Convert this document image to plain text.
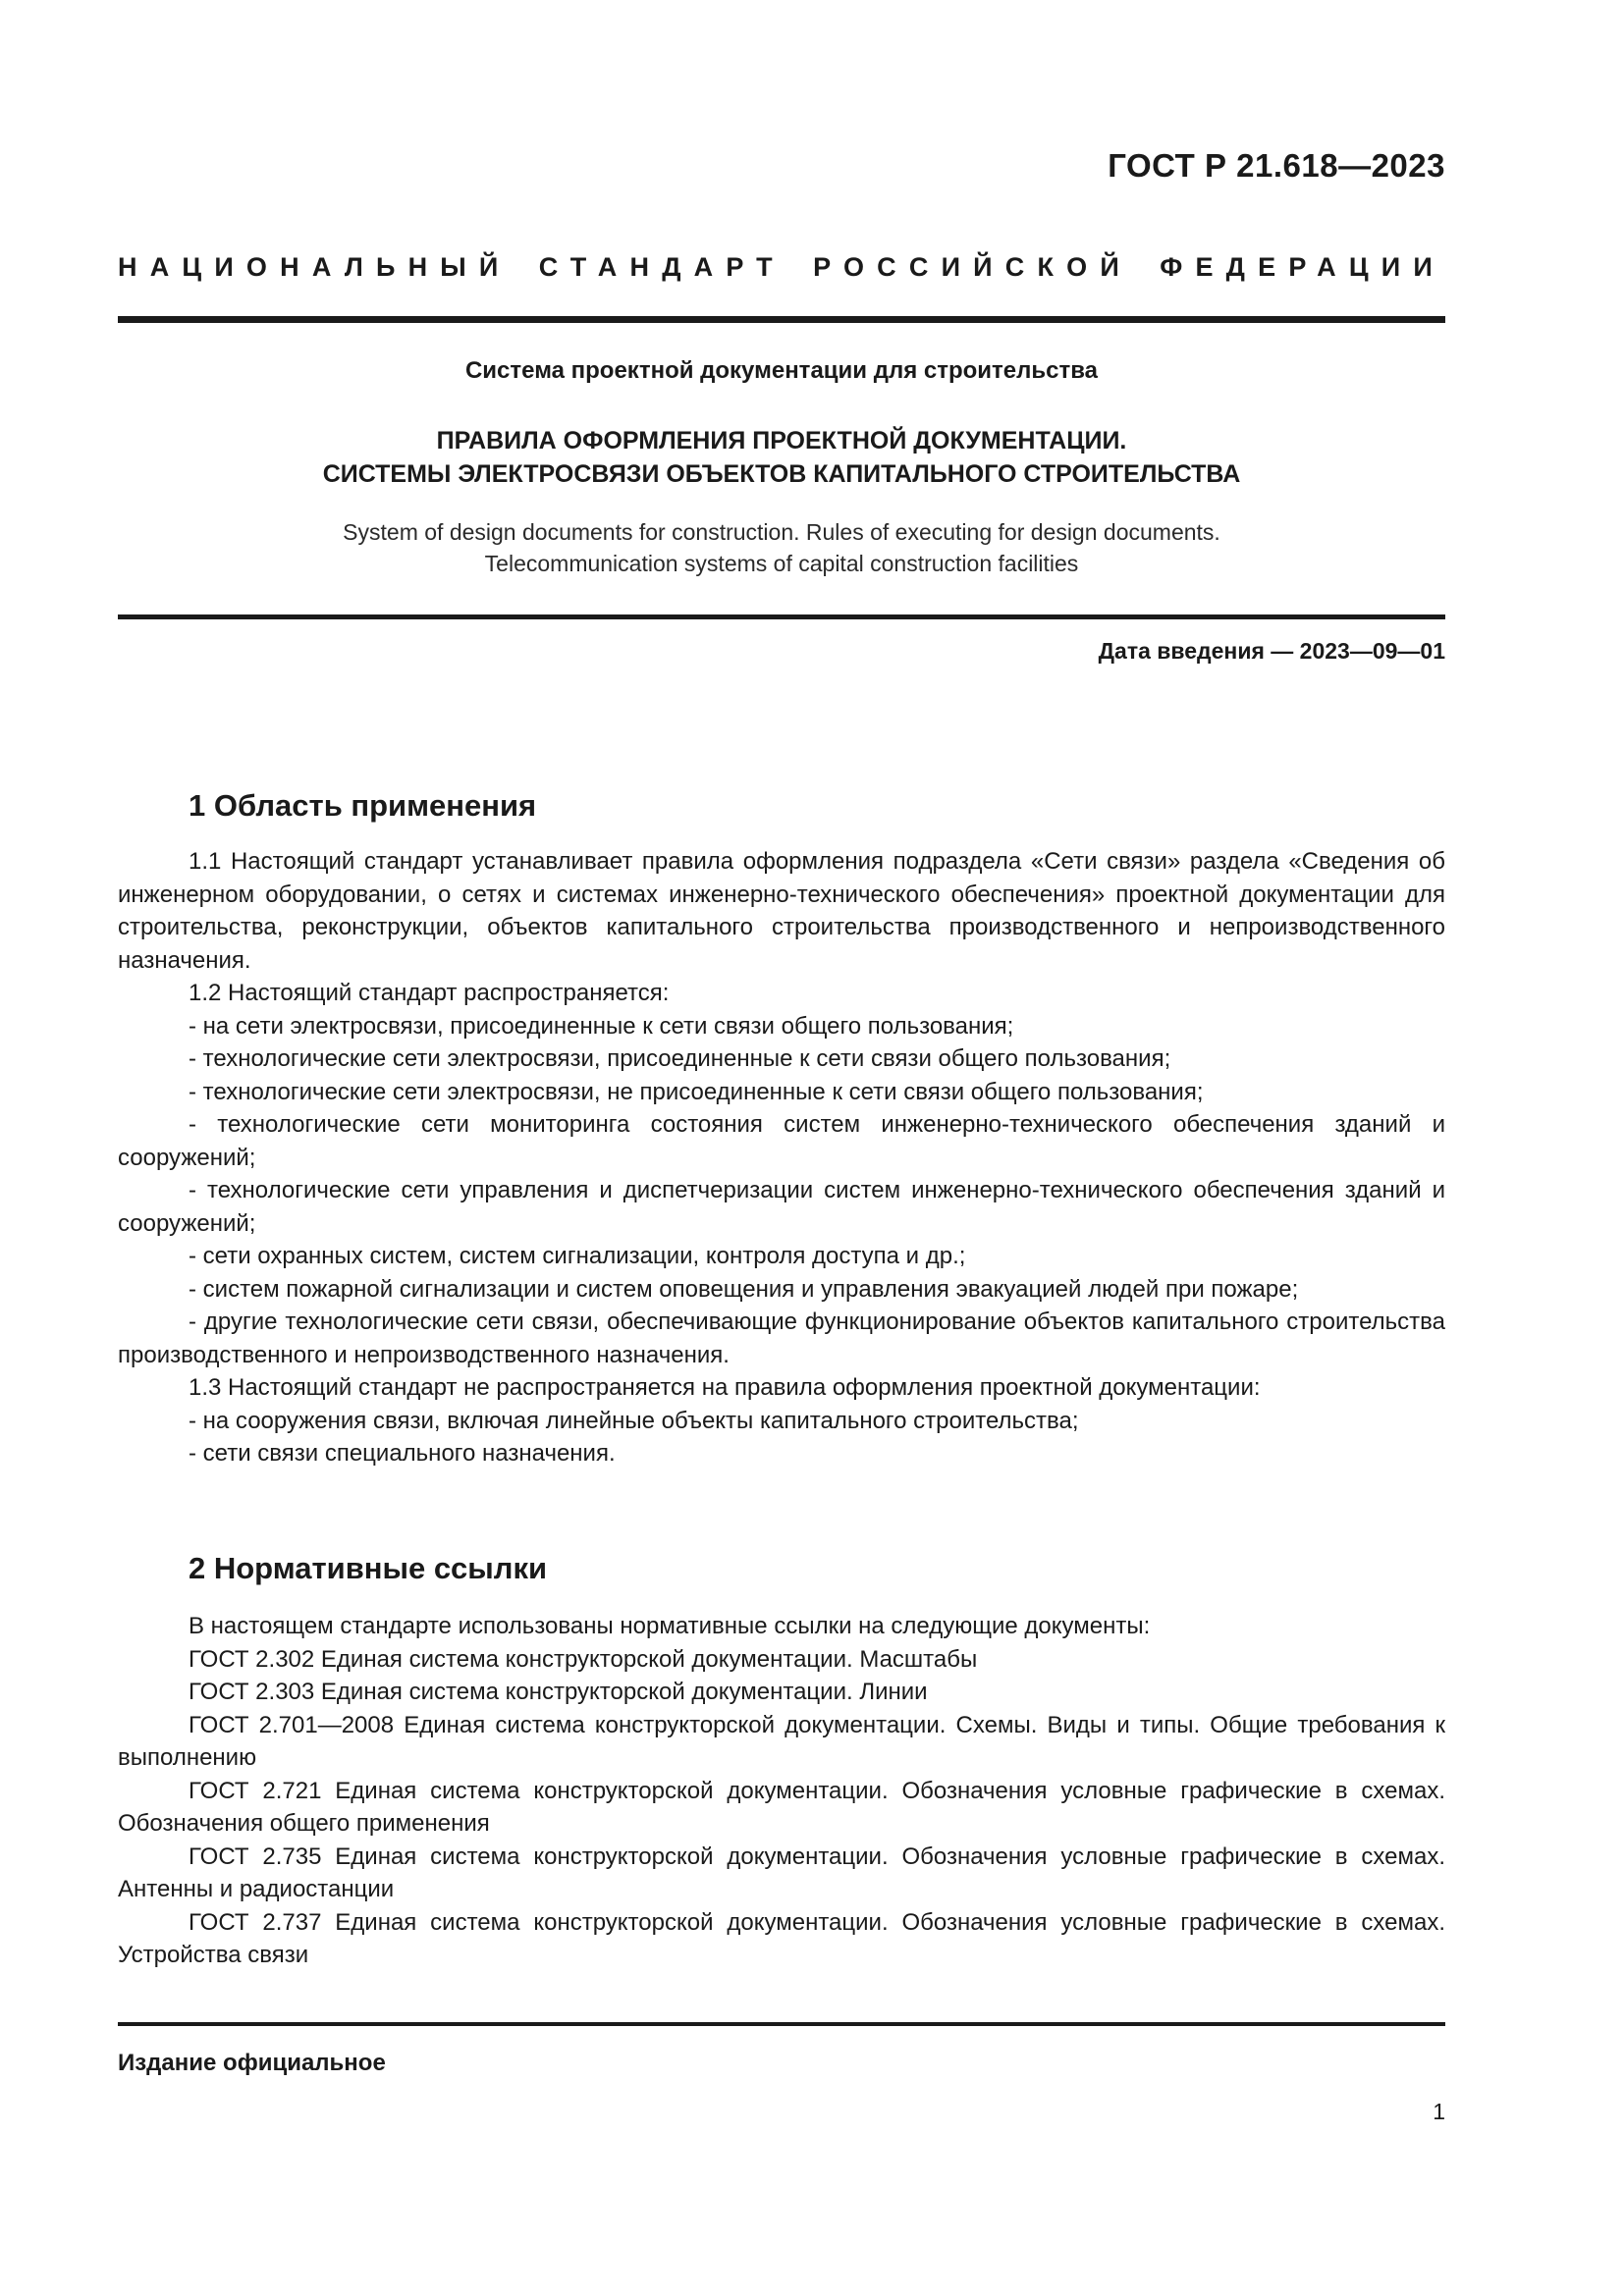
ГОСТ Р 21.618—2023
НАЦИОНАЛЬНЫЙ СТАНДАРТ РОССИЙСКОЙ ФЕДЕРАЦИИ
Система проектной документации для строительства
ПРАВИЛА ОФОРМЛЕНИЯ ПРОЕКТНОЙ ДОКУМЕНТАЦИИ.
СИСТЕМЫ ЭЛЕКТРОСВЯЗИ ОБЪЕКТОВ КАПИТАЛЬНОГО СТРОИТЕЛЬСТВА
System of design documents for construction. Rules of executing for design documents.
Telecommunication systems of capital construction facilities
Дата введения — 2023—09—01
1 Область применения

1.1 Настоящий стандарт устанавливает правила оформления подраздела «Сети связи» раздела «Сведения об инженерном оборудовании, о сетях и системах инженерно-технического обеспечения» проектной документации для строительства, реконструкции, объектов капитального строительства производственного и непроизводственного назначения.

1.2 Настоящий стандарт распространяется:

- на сети электросвязи, присоединенные к сети связи общего пользования;

- технологические сети электросвязи, присоединенные к сети связи общего пользования;

- технологические сети электросвязи, не присоединенные к сети связи общего пользования;

- технологические сети мониторинга состояния систем инженерно-технического обеспечения зданий и сооружений;

- технологические сети управления и диспетчеризации систем инженерно-технического обеспечения зданий и сооружений;

- сети охранных систем, систем сигнализации, контроля доступа и др.;

- систем пожарной сигнализации и систем оповещения и управления эвакуацией людей при пожаре;

- другие технологические сети связи, обеспечивающие функционирование объектов капитального строительства производственного и непроизводственного назначения.

1.3 Настоящий стандарт не распространяется на правила оформления проектной документации:

- на сооружения связи, включая линейные объекты капитального строительства;

- сети связи специального назначения.

2 Нормативные ссылки

В настоящем стандарте использованы нормативные ссылки на следующие документы:

ГОСТ 2.302 Единая система конструкторской документации. Масштабы

ГОСТ 2.303 Единая система конструкторской документации. Линии

ГОСТ 2.701—2008 Единая система конструкторской документации. Схемы. Виды и типы. Общие требования к выполнению

ГОСТ 2.721 Единая система конструкторской документации. Обозначения условные графические в схемах. Обозначения общего применения

ГОСТ 2.735 Единая система конструкторской документации. Обозначения условные графические в схемах. Антенны и радиостанции

ГОСТ 2.737 Единая система конструкторской документации. Обозначения условные графические в схемах. Устройства связи

Издание официальное
1
